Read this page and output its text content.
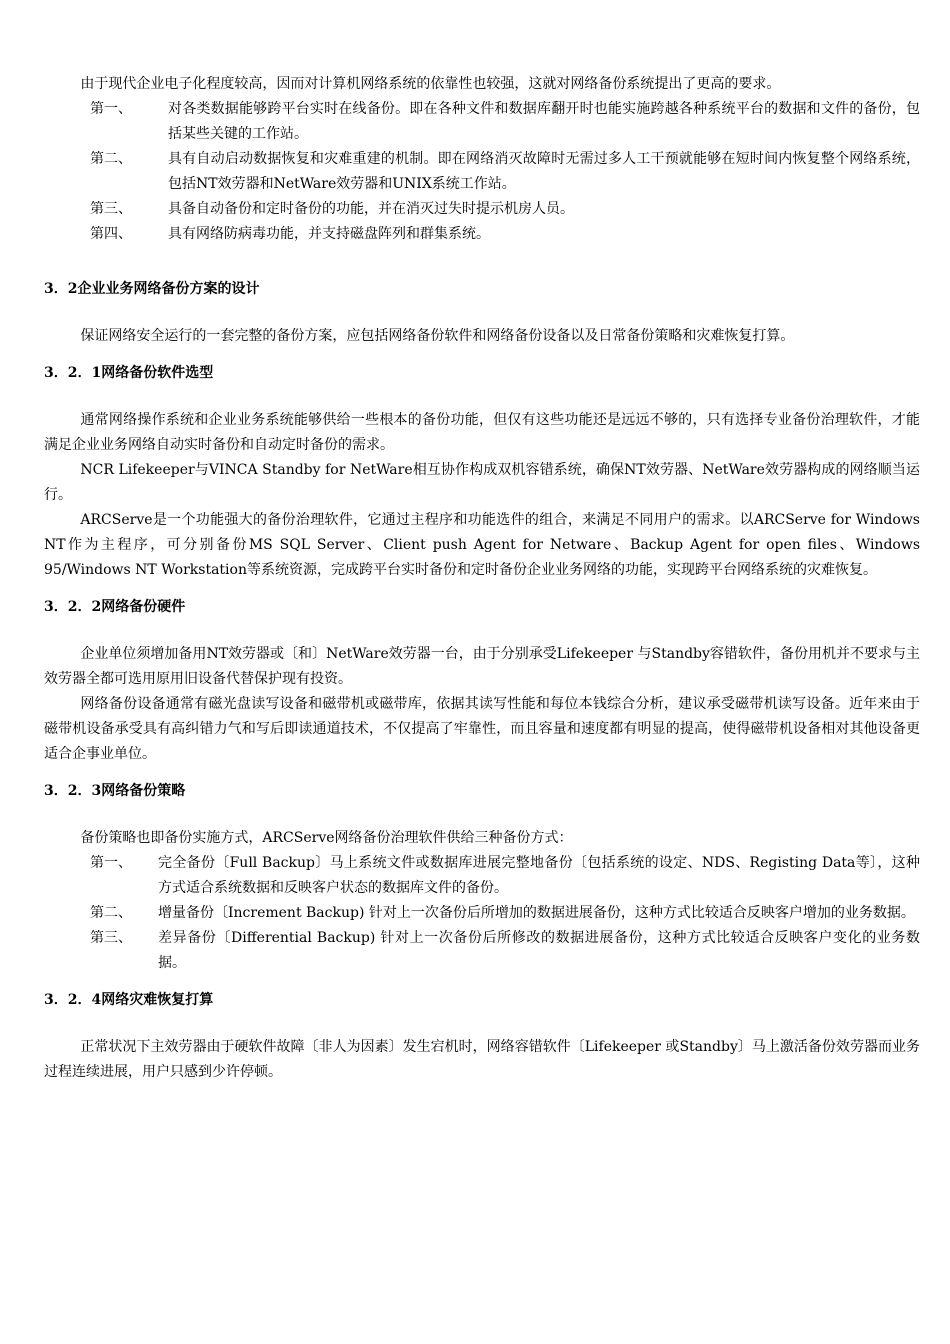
由于现代企业电子化程度较高，因而对计算机网络系统的依靠性也较强，这就对网络备份系统提出了更高的要求。

第一、	对各类数据能够跨平台实时在线备份。即在各种文件和数据库翻开时也能实施跨越各种系统平台的数据和文件的备份，包括某些关键的工作站。
第二、	具有自动启动数据恢复和灾难重建的机制。即在网络消灭故障时无需过多人工干预就能够在短时间内恢复整个网络系统，包括NT效劳器和NetWare效劳器和UNIX系统工作站。
第三、	具备自动备份和定时备份的功能，并在消灭过失时提示机房人员。
第四、	具有网络防病毒功能，并支持磁盘阵列和群集系统。

3．2企业业务网络备份方案的设计

保证网络安全运行的一套完整的备份方案，应包括网络备份软件和网络备份设备以及日常备份策略和灾难恢复打算。

3．2．1网络备份软件选型

通常网络操作系统和企业业务系统能够供给一些根本的备份功能，但仅有这些功能还是远远不够的，只有选择专业备份治理软件，才能满足企业业务网络自动实时备份和自动定时备份的需求。

NCR Lifekeeper与VINCA Standby for NetWare相互协作构成双机容错系统，确保NT效劳器、NetWare效劳器构成的网络顺当运行。

ARCServe是一个功能强大的备份治理软件，它通过主程序和功能选件的组合，来满足不同用户的需求。以ARCServe for Windows NT作为主程序，可分别备份MS SQL Server、Client push Agent for Netware、Backup Agent for open files、Windows 95/Windows NT Workstation等系统资源，完成跨平台实时备份和定时备份企业业务网络的功能，实现跨平台网络系统的灾难恢复。

3．2．2网络备份硬件

企业单位须增加备用NT效劳器或〔和〕NetWare效劳器一台，由于分别承受Lifekeeper 与Standby容错软件，备份用机并不要求与主效劳器全都可选用原用旧设备代替保护现有投资。

网络备份设备通常有磁光盘读写设备和磁带机或磁带库，依据其读写性能和每位本钱综合分析，建议承受磁带机读写设备。近年来由于磁带机设备承受具有高纠错力气和写后即读通道技术，不仅提高了牢靠性，而且容量和速度都有明显的提高，使得磁带机设备相对其他设备更适合企事业单位。

3．2．3网络备份策略

备份策略也即备份实施方式，ARCServe网络备份治理软件供给三种备份方式：

第一、	完全备份〔Full Backup〕马上系统文件或数据库进展完整地备份〔包括系统的设定、NDS、Registing Data等〕，这种方式适合系统数据和反映客户状态的数据库文件的备份。
第二、	增量备份〔Increment Backup) 针对上一次备份后所增加的数据进展备份，这种方式比较适合反映客户增加的业务数据。
第三、	差异备份〔Differential Backup) 针对上一次备份后所修改的数据进展备份，这种方式比较适合反映客户变化的业务数据。

3．2．4网络灾难恢复打算

正常状况下主效劳器由于硬软件故障〔非人为因素〕发生宕机时，网络容错软件〔Lifekeeper 或Standby〕马上激活备份效劳器而业务过程连续进展，用户只感到少许停顿。
